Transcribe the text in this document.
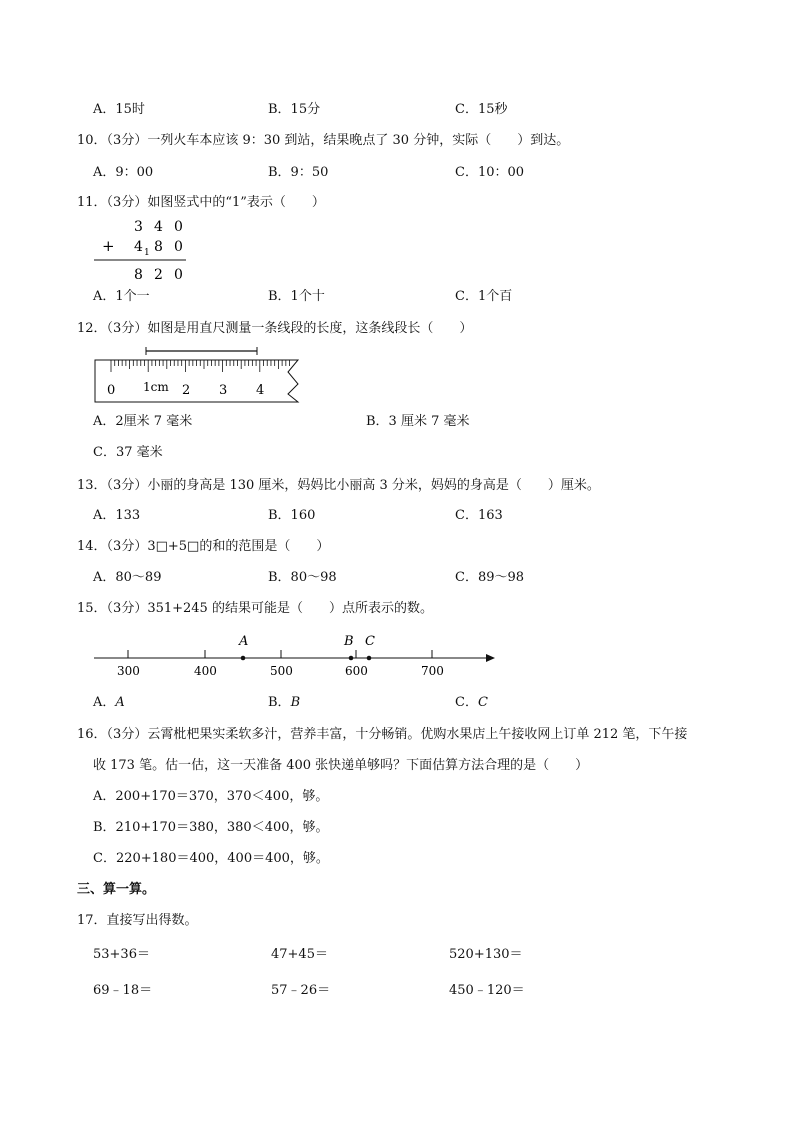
A．15时	B．15分	C．15秒
10．（3分）一列火车本应该 9：30 到站，结果晚点了 30 分钟，实际（　　）到达。
A．9：00	B．9：50	C．10：00
11．（3分）如图竖式中的“1”表示（　　）
3 4 0
+ 4 1 8 0
8 2 0
A．1个一	B．1个十	C．1个百
12．（3分）如图是用直尺测量一条线段的长度，这条线段长（　　）
0 1cm 2 3 4
A．2厘米 7 毫米	B．3 厘米 7 毫米
C．37 毫米
13．（3分）小丽的身高是 130 厘米，妈妈比小丽高 3 分米，妈妈的身高是（　　）厘米。
A．133	B．160	C．163
14．（3分）3□+5□的和的范围是（　　）
A．80～89	B．80～98	C．89～98
15．（3分）351+245 的结果可能是（　　）点所表示的数。
300	400	500	600	700
A	B C
A．A	B．B	C．C
16．（3分）云霄枇杷果实柔软多汁，营养丰富，十分畅销。优购水果店上午接收网上订单 212 笔，下午接
收 173 笔。估一估，这一天准备 400 张快递单够吗？下面估算方法合理的是（　　）
A．200+170＝370，370＜400，够。
B．210+170＝380，380＜400，够。
C．220+180＝400，400＝400，够。
三、算一算。
17．直接写出得数。
53+36＝	47+45＝	520+130＝
69﹣18＝	57﹣26＝	450﹣120＝
